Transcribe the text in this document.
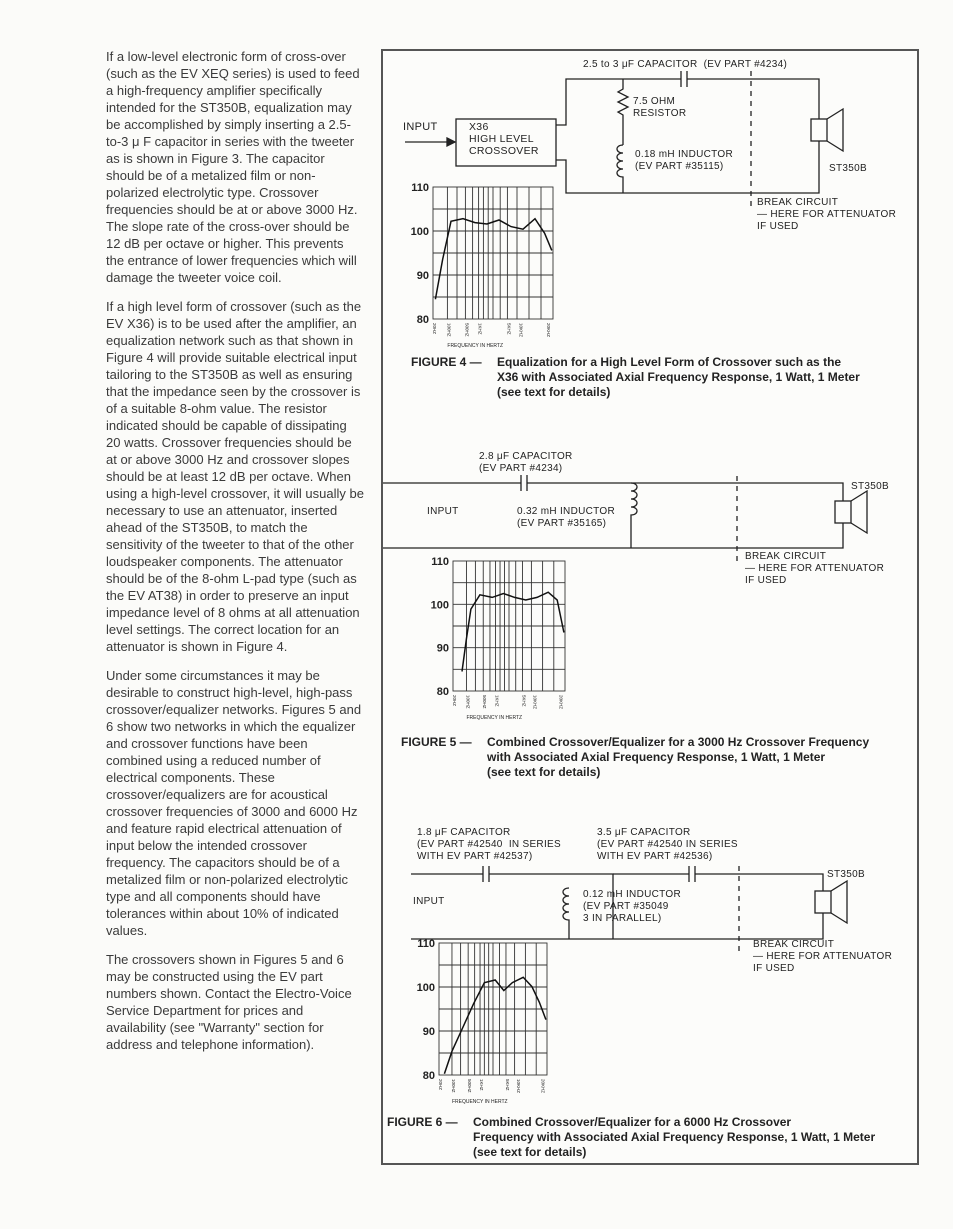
If a low-level electronic form of cross-over (such as the EV XEQ series) is used to feed a high-frequency amplifier specifically intended for the ST350B, equalization may be accomplished by simply inserting a 2.5-to-3 μ F capacitor in series with the tweeter as is shown in Figure 3. The capacitor should be of a metalized film or non-polarized electrolytic type. Crossover frequencies should be at or above 3000 Hz. The slope rate of the cross-over should be 12 dB per octave or higher. This prevents the entrance of lower frequencies which will damage the tweeter voice coil.

If a high level form of crossover (such as the EV X36) is to be used after the amplifier, an equalization network such as that shown in Figure 4 will provide suitable electrical input tailoring to the ST350B as well as ensuring that the impedance seen by the crossover is of a suitable 8-ohm value. The resistor indicated should be capable of dissipating 20 watts. Crossover frequencies should be at or above 3000 Hz and crossover slopes should be at least 12 dB per octave. When using a high-level crossover, it will usually be necessary to use an attenuator, inserted ahead of the ST350B, to match the sensitivity of the tweeter to that of the other loudspeaker components. The attenuator should be of the 8-ohm L-pad type (such as the EV AT38) in order to preserve an input impedance level of 8 ohms at all attenuation level settings. The correct location for an attenuator is shown in Figure 4.

Under some circumstances it may be desirable to construct high-level, high-pass crossover/equalizer networks. Figures 5 and 6 show two networks in which the equalizer and crossover functions have been combined using a reduced number of electrical components. These crossover/equalizers are for acoustical crossover frequencies of 3000 and 6000 Hz and feature rapid electrical attenuation of input below the intended crossover frequency. The capacitors should be of a metalized film or non-polarized electrolytic type and all components should have tolerances within about 10% of indicated values.

The crossovers shown in Figures 5 and 6 may be constructed using the EV part numbers shown. Contact the Electro-Voice Service Department for prices and availability (see "Warranty" section for address and telephone information).

110
100
90
80
20HZ 100HZ	500HZ 1KHZ	5KHZ 10KHZ	20KHZ
FREQUENCY IN HERTZ
110
100
90
80
20HZ 100HZ	500HZ 1KHZ	5KHZ 10KHZ	20KHZ
FREQUENCY IN HERTZ
110
100
90
80
20HZ 100HZ 500HZ 1KHZ	5KHZ 10KHZ	20KHZ
FREQUENCY IN HERTZ
2.5 to 3 μF CAPACITOR  (EV PART #4234)
INPUT	X36
HIGH LEVEL
CROSSOVER
7.5 OHM
RESISTOR
0.18 mH INDUCTOR
(EV PART #35115)	ST350B
BREAK CIRCUIT
— HERE FOR ATTENUATOR
IF USED
FIGURE 4 — Equalization for a High Level Form of Crossover such as the
X36 with Associated Axial Frequency Response, 1 Watt, 1 Meter
(see text for details)
2.8 μF CAPACITOR
(EV PART #4234)
INPUT	0.32 mH INDUCTOR
(EV PART #35165)
ST350B
BREAK CIRCUIT
— HERE FOR ATTENUATOR
IF USED
FIGURE 5 — Combined Crossover/Equalizer for a 3000 Hz Crossover Frequency
with Associated Axial Frequency Response, 1 Watt, 1 Meter
(see text for details)
1.8 μF CAPACITOR
(EV PART #42540  IN SERIES
WITH EV PART #42537)
3.5 μF CAPACITOR
(EV PART #42540 IN SERIES
WITH EV PART #42536)
INPUT
0.12 mH INDUCTOR
(EV PART #35049
3 IN PARALLEL)
ST350B
BREAK CIRCUIT
— HERE FOR ATTENUATOR
IF USED
FIGURE 6 — Combined Crossover/Equalizer for a 6000 Hz Crossover
Frequency with Associated Axial Frequency Response, 1 Watt, 1 Meter
(see text for details)
